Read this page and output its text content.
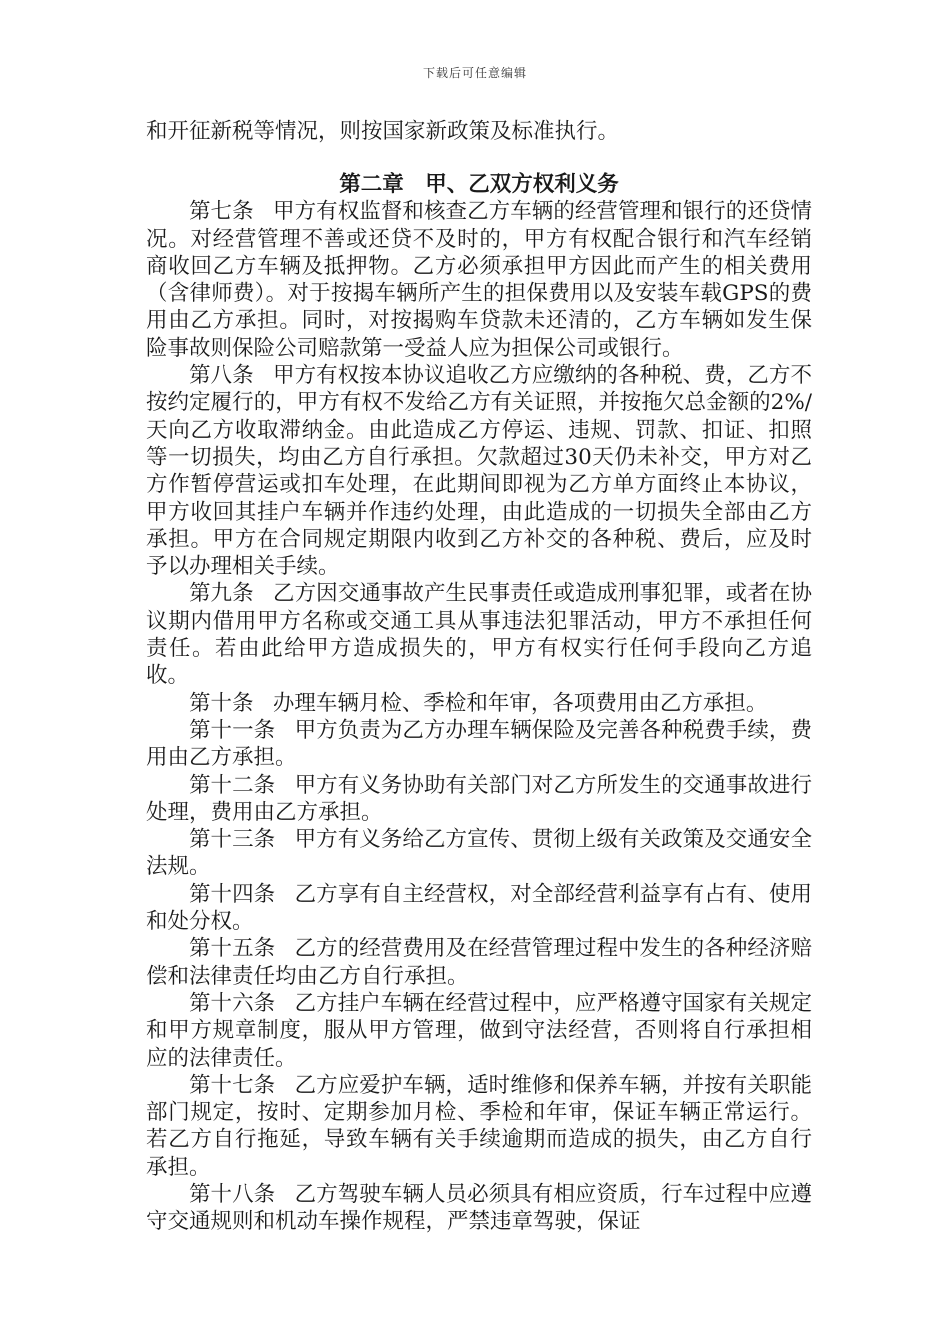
下载后可任意编辑

和开征新税等情况，则按国家新政策及标准执行。

第二章　甲、乙双方权利义务

第七条 甲方有权监督和核查乙方车辆的经营管理和银行的还贷情况。对经营管理不善或还贷不及时的，甲方有权配合银行和汽车经销商收回乙方车辆及抵押物。乙方必须承担甲方因此而产生的相关费用（含律师费）。对于按揭车辆所产生的担保费用以及安装车载GPS的费用由乙方承担。同时，对按揭购车贷款未还清的，乙方车辆如发生保险事故则保险公司赔款第一受益人应为担保公司或银行。

第八条 甲方有权按本协议追收乙方应缴纳的各种税、费，乙方不按约定履行的，甲方有权不发给乙方有关证照，并按拖欠总金额的2%/天向乙方收取滞纳金。由此造成乙方停运、违规、罚款、扣证、扣照等一切损失，均由乙方自行承担。欠款超过30天仍未补交，甲方对乙方作暂停营运或扣车处理，在此期间即视为乙方单方面终止本协议，甲方收回其挂户车辆并作违约处理，由此造成的一切损失全部由乙方承担。甲方在合同规定期限内收到乙方补交的各种税、费后，应及时予以办理相关手续。

第九条 乙方因交通事故产生民事责任或造成刑事犯罪，或者在协议期内借用甲方名称或交通工具从事违法犯罪活动，甲方不承担任何责任。若由此给甲方造成损失的，甲方有权实行任何手段向乙方追收。

第十条 办理车辆月检、季检和年审，各项费用由乙方承担。

第十一条 甲方负责为乙方办理车辆保险及完善各种税费手续，费用由乙方承担。

第十二条 甲方有义务协助有关部门对乙方所发生的交通事故进行处理，费用由乙方承担。

第十三条 甲方有义务给乙方宣传、贯彻上级有关政策及交通安全法规。

第十四条 乙方享有自主经营权，对全部经营利益享有占有、使用和处分权。

第十五条 乙方的经营费用及在经营管理过程中发生的各种经济赔偿和法律责任均由乙方自行承担。

第十六条 乙方挂户车辆在经营过程中，应严格遵守国家有关规定和甲方规章制度，服从甲方管理，做到守法经营，否则将自行承担相应的法律责任。

第十七条 乙方应爱护车辆，适时维修和保养车辆，并按有关职能部门规定，按时、定期参加月检、季检和年审，保证车辆正常运行。若乙方自行拖延，导致车辆有关手续逾期而造成的损失，由乙方自行承担。

第十八条 乙方驾驶车辆人员必须具有相应资质，行车过程中应遵守交通规则和机动车操作规程，严禁违章驾驶，保证
